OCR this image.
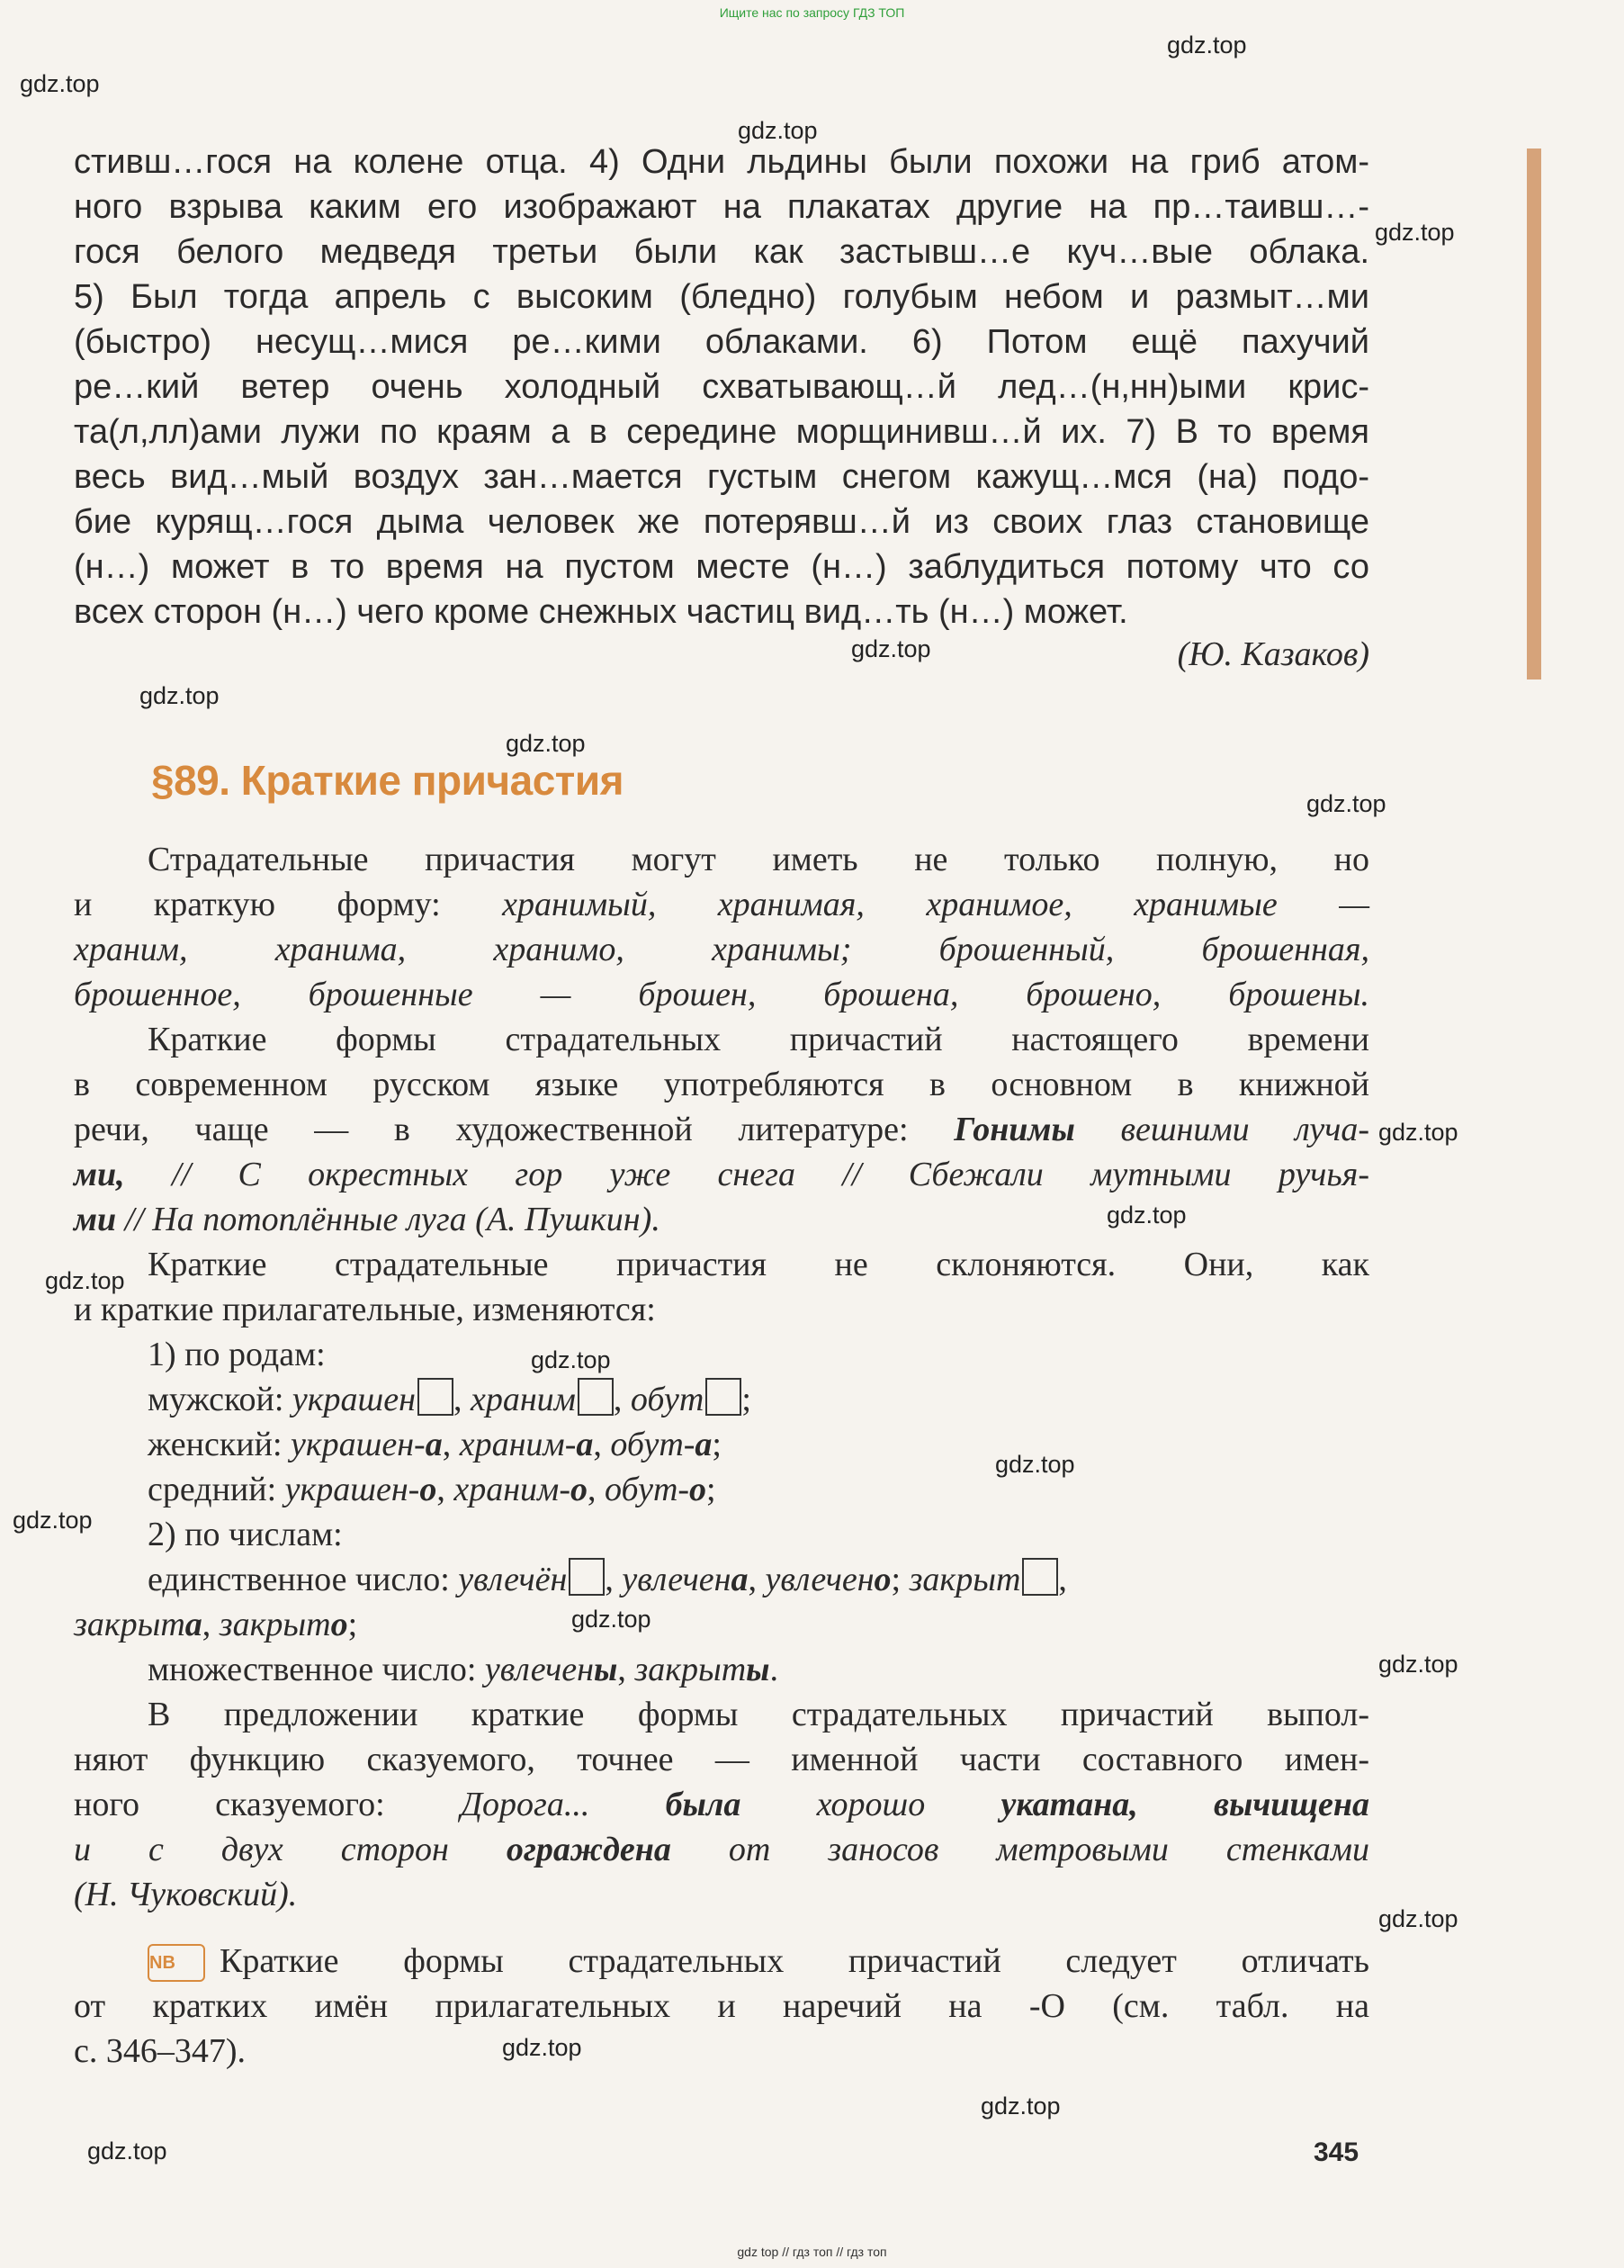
Ищите нас по запросу ГДЗ ТОП
стивш…гося на колене отца. 4) Одни льдины были похожи на гриб атом-
ного взрыва каким его изображают на плакатах другие на пр…таивш…-
гося белого медведя третьи были как застывш…е куч…вые облака.
5) Был тогда апрель с высоким (бледно) голубым небом и размыт…ми
(быстро) несущ…мися ре…кими облаками. 6) Потом ещё пахучий
ре…кий ветер очень холодный схватывающ…й лед…(н,нн)ыми крис-
та(л,лл)ами лужи по краям а в середине морщинивш…й их. 7) В то время
весь вид…мый воздух зан…мается густым снегом кажущ…мся (на) подо-
бие курящ…гося дыма человек же потерявш…й из своих глаз становище
(н…) может в то время на пустом месте (н…) заблудиться потому что со
всех сторон (н…) чего кроме снежных частиц вид…ть (н…) может.
(Ю. Казаков)
§89. Краткие причастия
Страдательные причастия могут иметь не только полную, но
и краткую форму: хранимый, хранимая, хранимое, хранимые —
храним, хранима, хранимо, хранимы; брошенный, брошенная,
брошенное, брошенные — брошен, брошена, брошено, брошены.
Краткие формы страдательных причастий настоящего времени
в современном русском языке употребляются в основном в книжной
речи, чаще — в художественной литературе: Гонимы вешними луча-
ми, // С окрестных гор уже снега // Сбежали мутными ручья-
ми // На потоплённые луга (А. Пушкин).
Краткие страдательные причастия не склоняются. Они, как
и краткие прилагательные, изменяются:
1) по родам:
мужской: украшен , храним , обут ;
женский: украшен-а, храним-а, обут-а;
средний: украшен-о, храним-о, обут-о;
2) по числам:
единственное число: увлечён , увлечена, увлечено; закрыт ,
закрыта, закрыто;
множественное число: увлечены, закрыты.
В предложении краткие формы страдательных причастий выпол-
няют функцию сказуемого, точнее — именной части составного имен-
ного сказуемого: Дорога... была хорошо укатана, вычищена
и с двух сторон ограждена от заносов метровыми стенками
(Н. Чуковский).
NB Краткие формы страдательных причастий следует отличать
от кратких имён прилагательных и наречий на -О (см. табл. на
с. 346–347).
345
gdz.top
gdz.top
gdz.top
gdz.top
gdz.top
gdz.top
gdz.top
gdz.top
gdz.top
gdz.top
gdz.top
gdz.top
gdz.top
gdz.top
gdz.top
gdz.top
gdz.top
gdz.top
gdz.top
gdz.top
gdz top // гдз топ // гдз топ
